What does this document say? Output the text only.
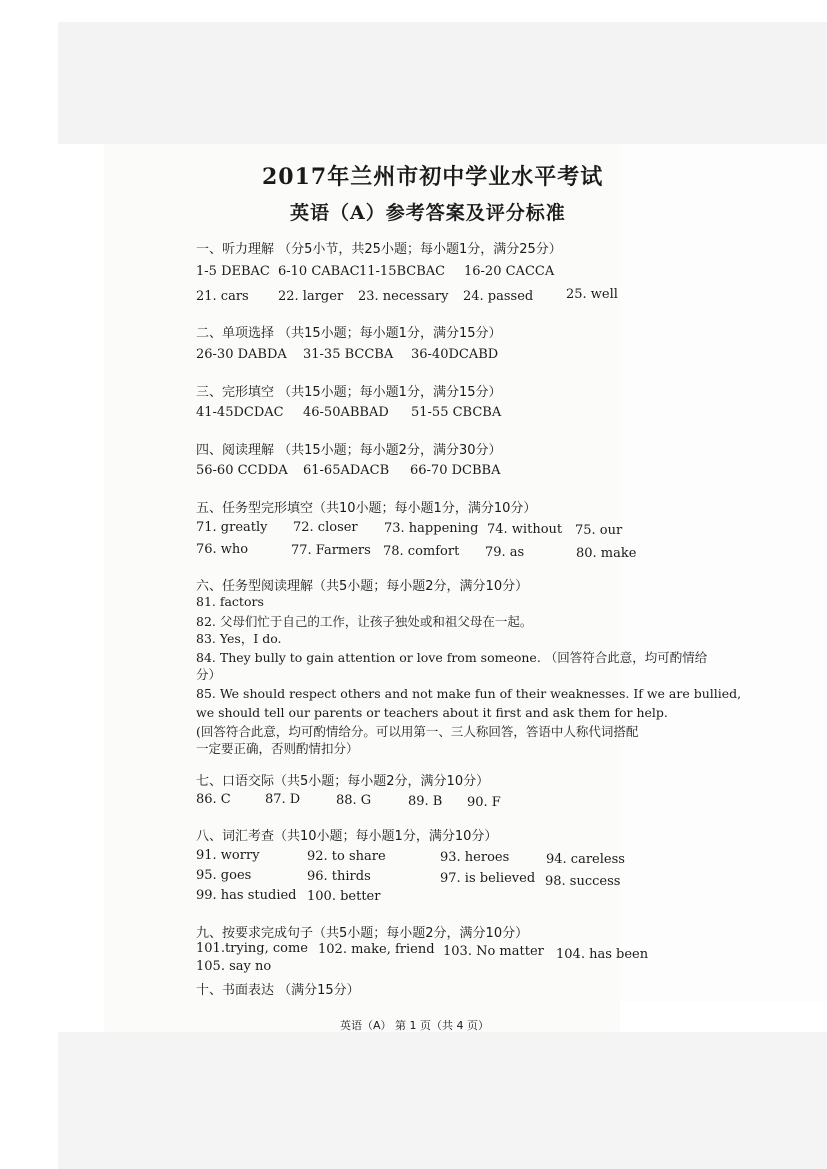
2017年兰州市初中学业水平考试
英语（A）参考答案及评分标准
一、听力理解 （分5小节，共25小题；每小题1分，满分25分）
1-5 DEBAC 6-10 CABAC 11-15BCBAC 16-20 CACCA
21. cars 22. larger 23. necessary 24. passed	25. well
二、单项选择 （共15小题；每小题1分，满分15分）
26-30 DABDA 31-35 BCCBA 36-40DCABD
三、完形填空 （共15小题；每小题1分，满分15分）
41-45DCDAC 46-50ABBAD 51-55 CBCBA
四、阅读理解 （共15小题；每小题2分，满分30分）
56-60 CCDDA 61-65ADACB 66-70 DCBBA
五、任务型完形填空（共10小题；每小题1分，满分10分）
71. greatly 72. closer 73. happening 74. without 75. our
76. who	77. Farmers 78. comfort 79. as	80. make
六、任务型阅读理解（共5小题；每小题2分，满分10分）
81. factors
82. 父母们忙于自己的工作，让孩子独处或和祖父母在一起。
83. Yes，I do.
84. They bully to gain attention or love from someone. （回答符合此意，均可酌情给
分）
85. We should respect others and not make fun of their weaknesses. If we are bullied,
we should tell our parents or teachers about it first and ask them for help.
(回答符合此意，均可酌情给分。可以用第一、三人称回答，答语中人称代词搭配
一定要正确，否则酌情扣分）
七、口语交际（共5小题；每小题2分，满分10分）
86. C	87. D	88. G	89. B 90. F
八、词汇考查（共10小题；每小题1分，满分10分）
91. worry	92. to share	93. heroes	94. careless
95. goes	96. thirds	97. is believed 98. success
99. has studied 100. better
九、按要求完成句子（共5小题；每小题2分，满分10分）
101.trying, come 102. make, friend 103. No matter 104. has been
105. say no
十、书面表达 （满分15分）
英语（A） 第 1 页（共 4 页）
